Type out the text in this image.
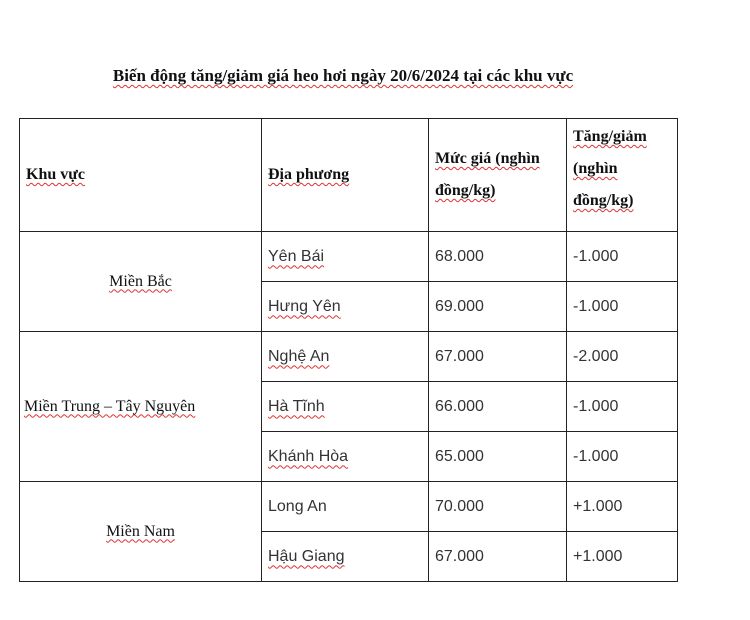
Biến động tăng/giảm giá heo hơi ngày 20/6/2024 tại các khu vực
Khu vực	Địa phương	Mức giá (nghìn đồng/kg)	Tăng/giảm (nghìn đồng/kg)
Miền Bắc	Yên Bái	68.000	-1.000
	Hưng Yên	69.000	-1.000
Miền Trung – Tây Nguyên	Nghệ An	67.000	-2.000
	Hà Tĩnh	66.000	-1.000
	Khánh Hòa	65.000	-1.000
Miền Nam	Long An	70.000	+1.000
	Hậu Giang	67.000	+1.000
